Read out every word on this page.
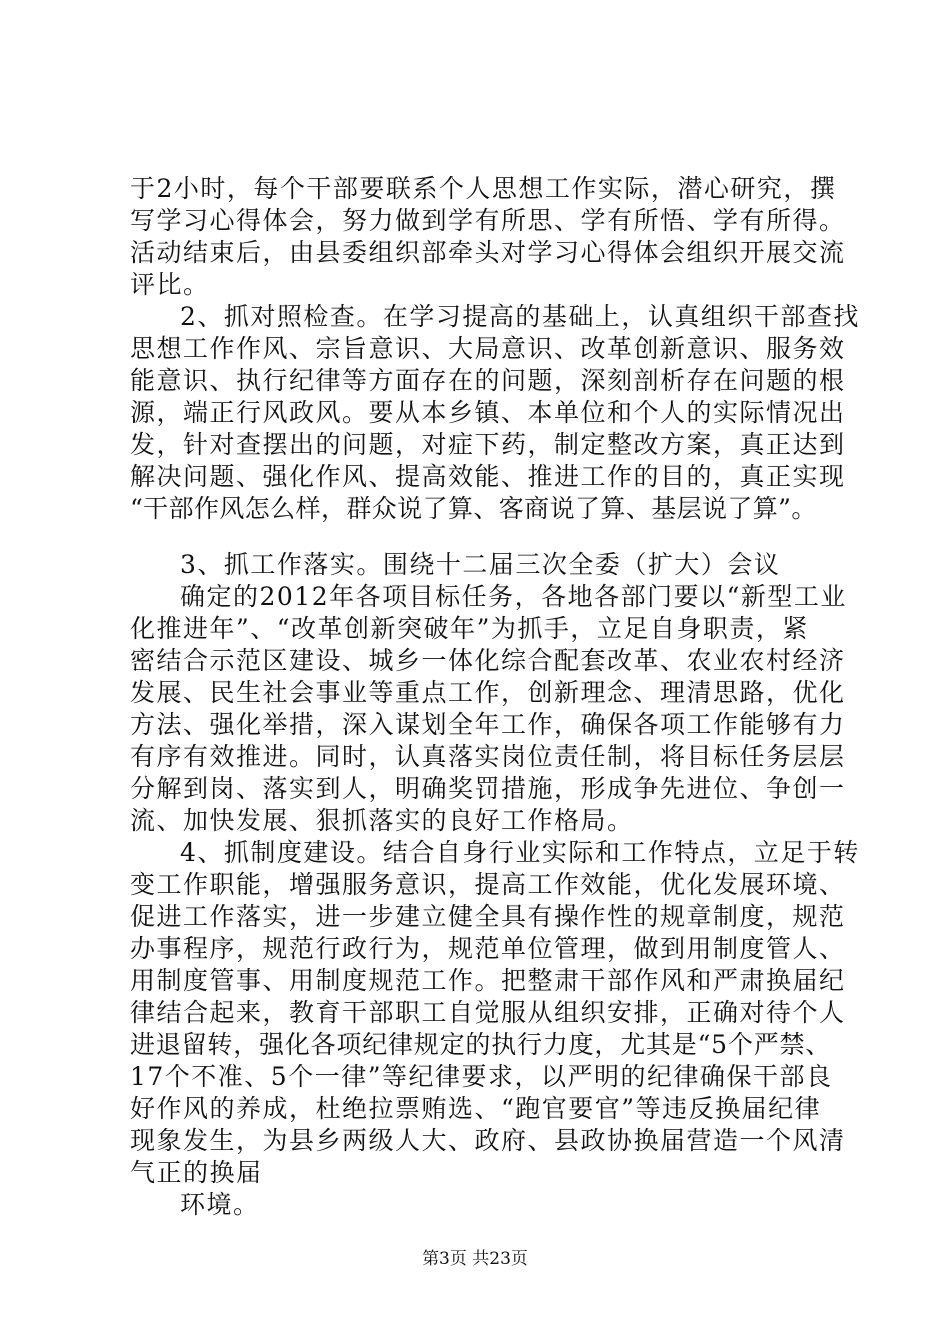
于2小时，每个干部要联系个人思想工作实际，潜心研究，撰
写学习心得体会，努力做到学有所思、学有所悟、学有所得。
活动结束后，由县委组织部牵头对学习心得体会组织开展交流
评比。
2、抓对照检查。在学习提高的基础上，认真组织干部查找
思想工作作风、宗旨意识、大局意识、改革创新意识、服务效
能意识、执行纪律等方面存在的问题，深刻剖析存在问题的根
源，端正行风政风。要从本乡镇、本单位和个人的实际情况出
发，针对查摆出的问题，对症下药，制定整改方案，真正达到
解决问题、强化作风、提高效能、推进工作的目的，真正实现
“干部作风怎么样，群众说了算、客商说了算、基层说了算”。
3、抓工作落实。围绕十二届三次全委（扩大）会议
确定的2012年各项目标任务，各地各部门要以“新型工业
化推进年”、“改革创新突破年”为抓手，立足自身职责，紧
密结合示范区建设、城乡一体化综合配套改革、农业农村经济
发展、民生社会事业等重点工作，创新理念、理清思路，优化
方法、强化举措，深入谋划全年工作，确保各项工作能够有力
有序有效推进。同时，认真落实岗位责任制，将目标任务层层
分解到岗、落实到人，明确奖罚措施，形成争先进位、争创一
流、加快发展、狠抓落实的良好工作格局。
4、抓制度建设。结合自身行业实际和工作特点，立足于转
变工作职能，增强服务意识，提高工作效能，优化发展环境、
促进工作落实，进一步建立健全具有操作性的规章制度，规范
办事程序，规范行政行为，规范单位管理，做到用制度管人、
用制度管事、用制度规范工作。把整肃干部作风和严肃换届纪
律结合起来，教育干部职工自觉服从组织安排，正确对待个人
进退留转，强化各项纪律规定的执行力度，尤其是“5个严禁、
17个不准、5个一律”等纪律要求，以严明的纪律确保干部良
好作风的养成，杜绝拉票贿选、“跑官要官”等违反换届纪律
现象发生，为县乡两级人大、政府、县政协换届营造一个风清
气正的换届
环境。
第3页 共23页
